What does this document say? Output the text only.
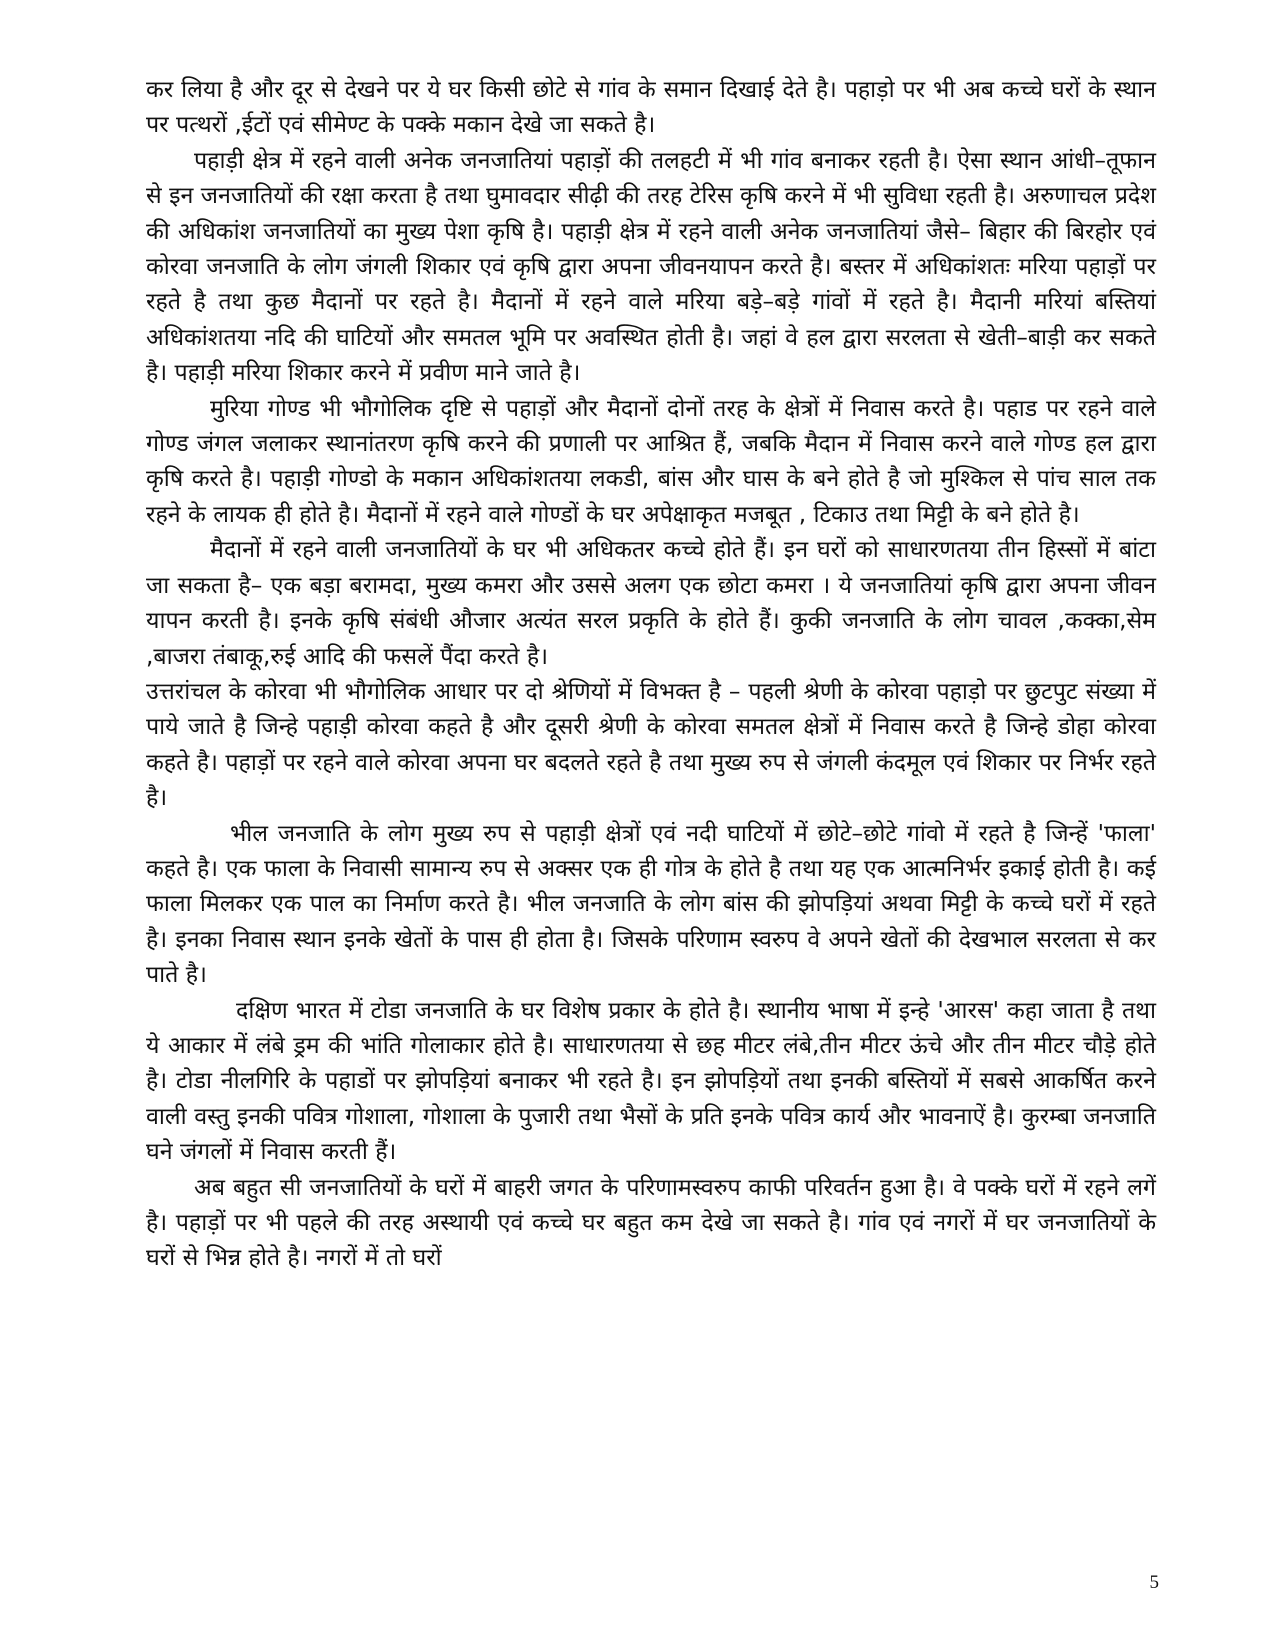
कर लिया है और दूर से देखने पर ये घर किसी छोटे से गांव के समान दिखाई देते है। पहाड़ो पर भी अब कच्चे घरों के स्थान पर पत्थरों ,ईटों एवं सीमेण्ट के पक्के मकान देखे जा सकते है।

पहाड़ी क्षेत्र में रहने वाली अनेक जनजातियां पहाड़ों की तलहटी में भी गांव बनाकर रहती है। ऐसा स्थान आंधी–तूफान से इन जनजातियों की रक्षा करता है तथा घुमावदार सीढ़ी की तरह टेरिस कृषि करने में भी सुविधा रहती है। अरुणाचल प्रदेश की अधिकांश जनजातियों का मुख्य पेशा कृषि है। पहाड़ी क्षेत्र में रहने वाली अनेक जनजातियां जैसे– बिहार की बिरहोर एवं कोरवा जनजाति के लोग जंगली शिकार एवं कृषि द्वारा अपना जीवनयापन करते है। बस्तर में अधिकांशतः मरिया पहाड़ों पर रहते है तथा कुछ मैदानों पर रहते है। मैदानों में रहने वाले मरिया बड़े–बड़े गांवों में रहते है। मैदानी मरियां बस्तियां अधिकांशतया नदि की घाटियों और समतल भूमि पर अवस्थित होती है। जहां वे हल द्वारा सरलता से खेती–बाड़ी कर सकते है। पहाड़ी मरिया शिकार करने में प्रवीण माने जाते है।

मुरिया गोण्ड भी भौगोलिक दृष्टि से पहाड़ों और मैदानों दोनों तरह के क्षेत्रों में निवास करते है। पहाड पर रहने वाले गोण्ड जंगल जलाकर स्थानांतरण कृषि करने की प्रणाली पर आश्रित हैं, जबकि मैदान में निवास करने वाले गोण्ड हल द्वारा कृषि करते है। पहाड़ी गोण्डो के मकान अधिकांशतया लकडी, बांस और घास के बने होते है जो मुश्किल से पांच साल तक रहने के लायक ही होते है। मैदानों में रहने वाले गोण्डों के घर अपेक्षाकृत मजबूत , टिकाउ तथा मिट्टी के बने होते है।

मैदानों में रहने वाली जनजातियों के घर भी अधिकतर कच्चे होते हैं। इन घरों को साधारणतया तीन हिस्सों में बांटा जा सकता है– एक बड़ा बरामदा, मुख्य कमरा और उससे अलग एक छोटा कमरा । ये जनजातियां कृषि द्वारा अपना जीवन यापन करती है। इनके कृषि संबंधी औजार अत्यंत सरल प्रकृति के होते हैं। कुकी जनजाति के लोग चावल ,कक्का,सेम ,बाजरा तंबाकू,रुई आदि की फसलें पैंदा करते है।

उत्तरांचल के कोरवा भी भौगोलिक आधार पर दो श्रेणियों में विभक्त है – पहली श्रेणी के कोरवा पहाड़ो पर छुटपुट संख्या में पाये जाते है जिन्हे पहाड़ी कोरवा कहते है और दूसरी श्रेणी के कोरवा समतल क्षेत्रों में निवास करते है जिन्हे डोहा कोरवा कहते है। पहाड़ों पर रहने वाले कोरवा अपना घर बदलते रहते है तथा मुख्य रुप से जंगली कंदमूल एवं शिकार पर निर्भर रहते है।

भील जनजाति के लोग मुख्य रुप से पहाड़ी क्षेत्रों एवं नदी घाटियों में छोटे–छोटे गांवो में रहते है जिन्हें 'फाला' कहते है। एक फाला के निवासी सामान्य रुप से अक्सर एक ही गोत्र के होते है तथा यह एक आत्मनिर्भर इकाई होती है। कई फाला मिलकर एक पाल का निर्माण करते है। भील जनजाति के लोग बांस की झोपड़ियां अथवा मिट्टी के कच्चे घरों में रहते है। इनका निवास स्थान इनके खेतों के पास ही होता है। जिसके परिणाम स्वरुप वे अपने खेतों की देखभाल सरलता से कर पाते है।

दक्षिण भारत में टोडा जनजाति के घर विशेष प्रकार के होते है। स्थानीय भाषा में इन्हे 'आरस' कहा जाता है तथा ये आकार में लंबे ड्रम की भांति गोलाकार होते है। साधारणतया से छह मीटर लंबे,तीन मीटर ऊंचे और तीन मीटर चौड़े होते है। टोडा नीलगिरि के पहाडों पर झोपड़ियां बनाकर भी रहते है। इन झोपड़ियों तथा इनकी बस्तियों में सबसे आकर्षित करने वाली वस्तु इनकी पवित्र गोशाला, गोशाला के पुजारी तथा भैसों के प्रति इनके पवित्र कार्य और भावनाऐं है। कुरम्बा जनजाति घने जंगलों में निवास करती हैं।

अब बहुत सी जनजातियों के घरों में बाहरी जगत के परिणामस्वरुप काफी परिवर्तन हुआ है। वे पक्के घरों में रहने लगें है। पहाड़ों पर भी पहले की तरह अस्थायी एवं कच्चे घर बहुत कम देखे जा सकते है। गांव एवं नगरों में घर जनजातियों के घरों से भिन्न होते है। नगरों में तो घरों

5
